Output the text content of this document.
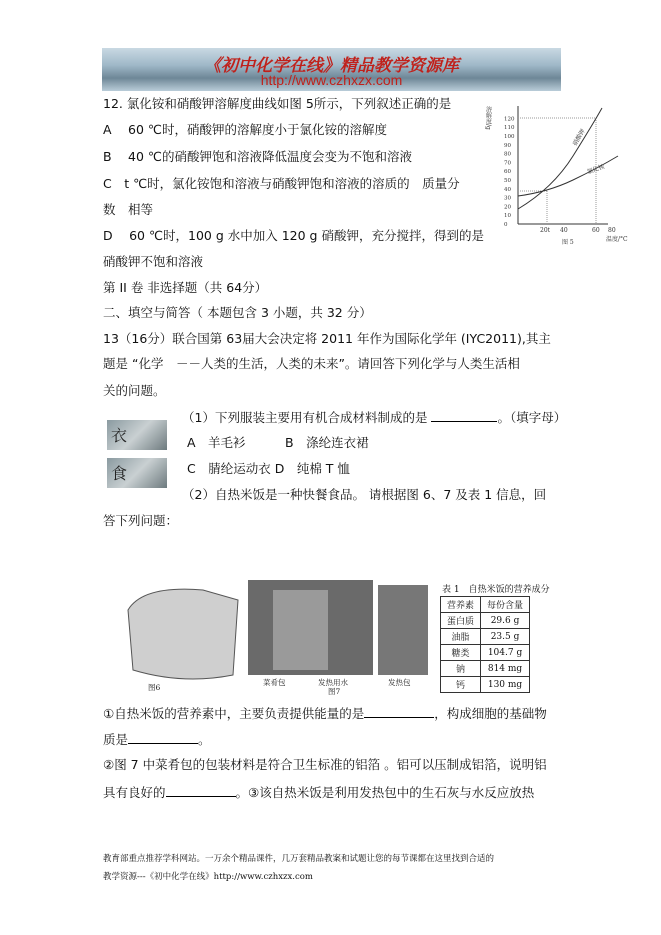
《初中化学在线》精品教学资源库
http://www.czhxzx.com
12. 氯化铵和硝酸钾溶解度曲线如图 5所示，下列叙述正确的是
A　 60 ℃时，硝酸钾的溶解度小于氯化铵的溶解度
B　 40 ℃的硝酸钾饱和溶液降低温度会变为不饱和溶液
C　t ℃时，氯化铵饱和溶液与硝酸钾饱和溶液的溶质的　质量分
数　相等
D　 60 ℃时，100 g 水中加入 120 g 硝酸钾，充分搅拌，得到的是
硝酸钾不饱和溶液
溶解度/g
硝酸钾
氯化铵
20t 40	60 80
温度/°C
图 5
0
10
20
30
40
50
60
70
80
90
100
110
120
第 II 卷 非选择题（共 64分）
二、填空与简答（ 本题包含 3 小题，共 32 分）
13（16分）联合国第 63届大会决定将 2011 年作为国际化学年 (IYC2011),其主
题是 “化学　－－人类的生活，人类的未来”。请回答下列化学与人类生活相
关的问题。
衣
食
（1）下列服装主要用有机合成材料制成的是	。（填字母）
A　羊毛衫	B　涤纶连衣裙
C　腈纶运动衣 D　纯棉 T 恤
（2）自热米饭是一种快餐食品。 请根据图 6、7 及表 1 信息，回
答下列问题：
图6
菜肴包	发热用水	发热包
图7
表 1　自热米饭的营养成分
营养素	每份含量
蛋白质	29.6 g
油脂	23.5 g
糖类	104.7 g
钠	814 mg
钙	130 mg
①自热米饭的营养素中，主要负责提供能量的是	，构成细胞的基础物
质是	。
②图 7 中菜肴包的包装材料是符合卫生标准的铝箔 。铝可以压制成铝箔，说明铝
具有良好的	。③该自热米饭是利用发热包中的生石灰与水反应放热
教育部重点推荐学科网站。一万余个精品课件，几万套精品教案和试题让您的每节课都在这里找到合适的
教学资源---《初中化学在线》http://www.czhxzx.com
